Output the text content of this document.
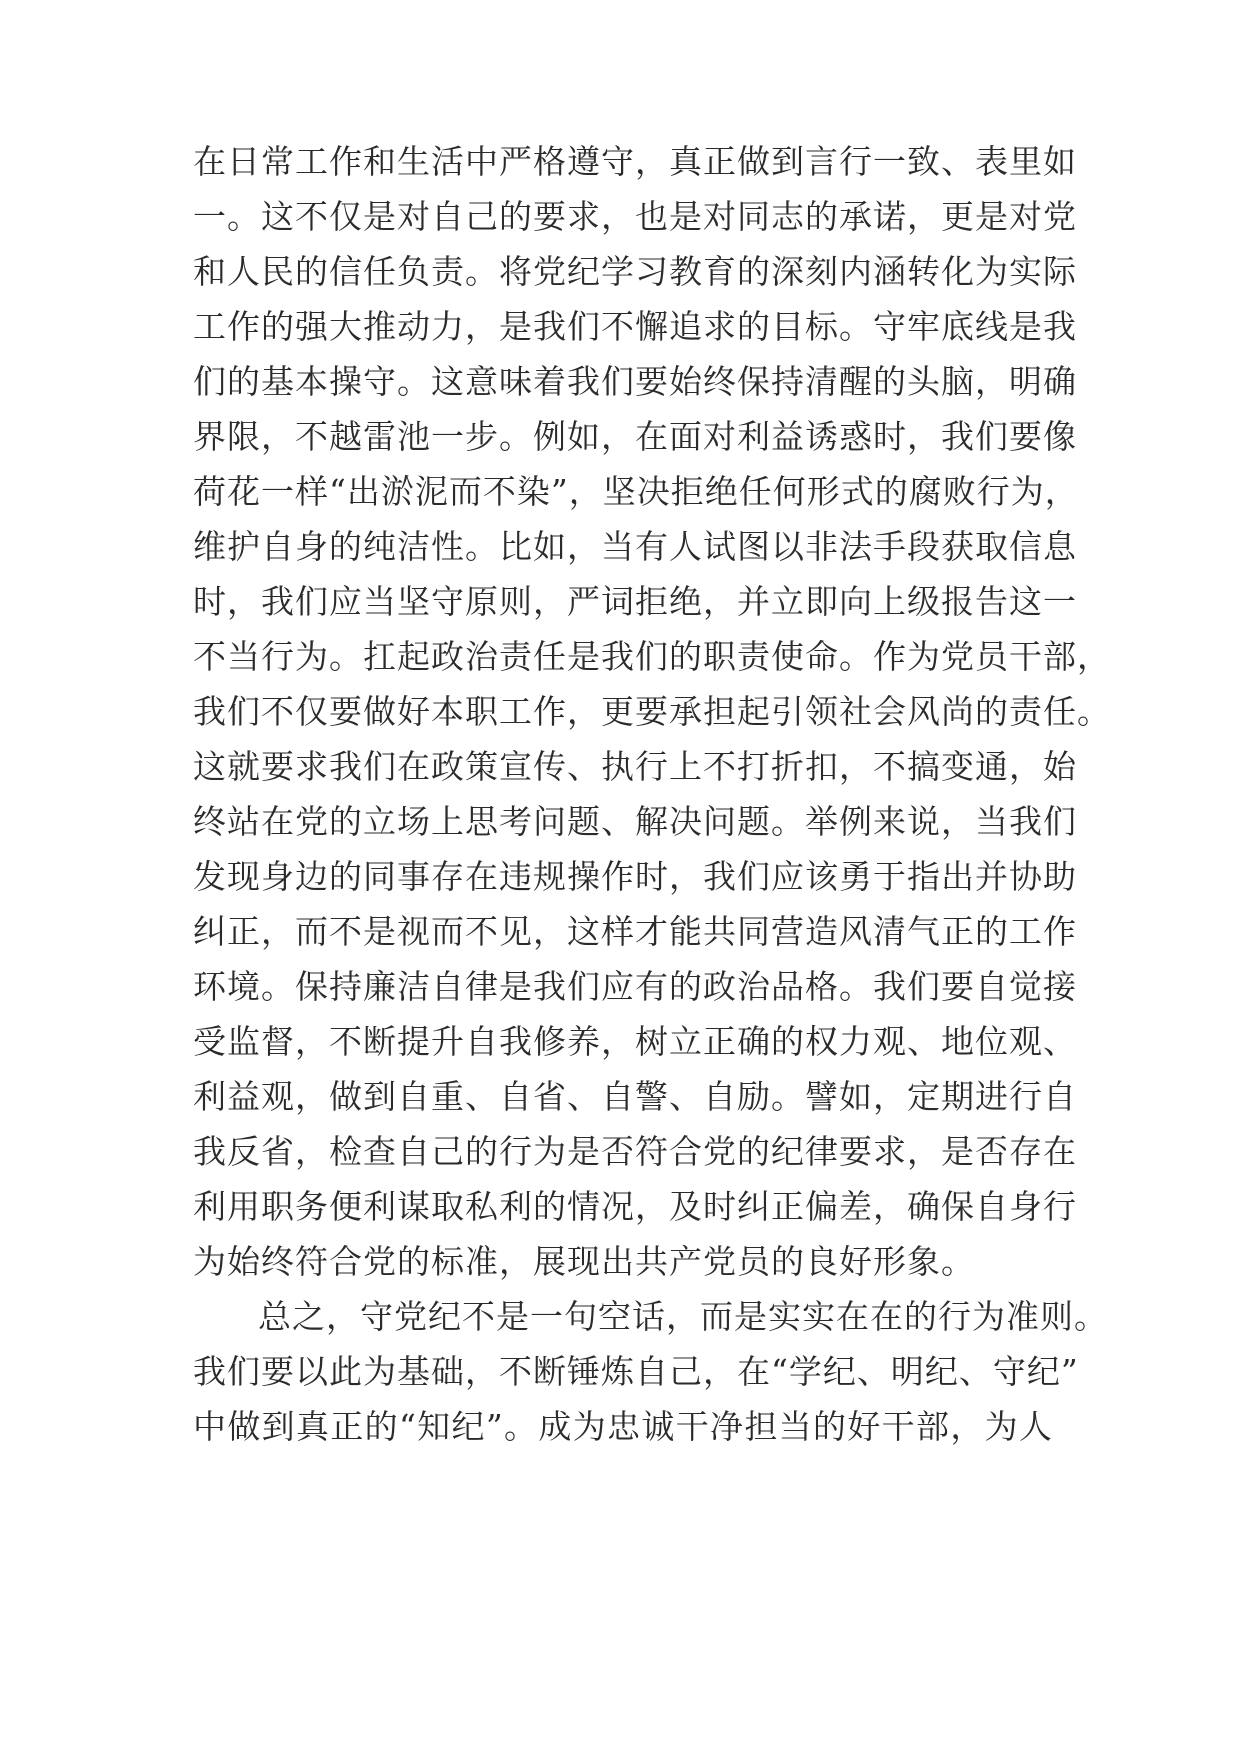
在日常工作和生活中严格遵守，真正做到言行一致、表里如
一。这不仅是对自己的要求，也是对同志的承诺，更是对党
和人民的信任负责。将党纪学习教育的深刻内涵转化为实际
工作的强大推动力，是我们不懈追求的目标。守牢底线是我
们的基本操守。这意味着我们要始终保持清醒的头脑，明确
界限，不越雷池一步。例如，在面对利益诱惑时，我们要像
荷花一样“出淤泥而不染”，坚决拒绝任何形式的腐败行为，
维护自身的纯洁性。比如，当有人试图以非法手段获取信息
时，我们应当坚守原则，严词拒绝，并立即向上级报告这一
不当行为。扛起政治责任是我们的职责使命。作为党员干部，
我们不仅要做好本职工作，更要承担起引领社会风尚的责任。
这就要求我们在政策宣传、执行上不打折扣，不搞变通，始
终站在党的立场上思考问题、解决问题。举例来说，当我们
发现身边的同事存在违规操作时，我们应该勇于指出并协助
纠正，而不是视而不见，这样才能共同营造风清气正的工作
环境。保持廉洁自律是我们应有的政治品格。我们要自觉接
受监督，不断提升自我修养，树立正确的权力观、地位观、
利益观，做到自重、自省、自警、自励。譬如，定期进行自
我反省，检查自己的行为是否符合党的纪律要求，是否存在
利用职务便利谋取私利的情况，及时纠正偏差，确保自身行
为始终符合党的标准，展现出共产党员的良好形象。
总之，守党纪不是一句空话，而是实实在在的行为准则。
我们要以此为基础，不断锤炼自己，在“学纪、明纪、守纪”
中做到真正的“知纪”。成为忠诚干净担当的好干部，为人
